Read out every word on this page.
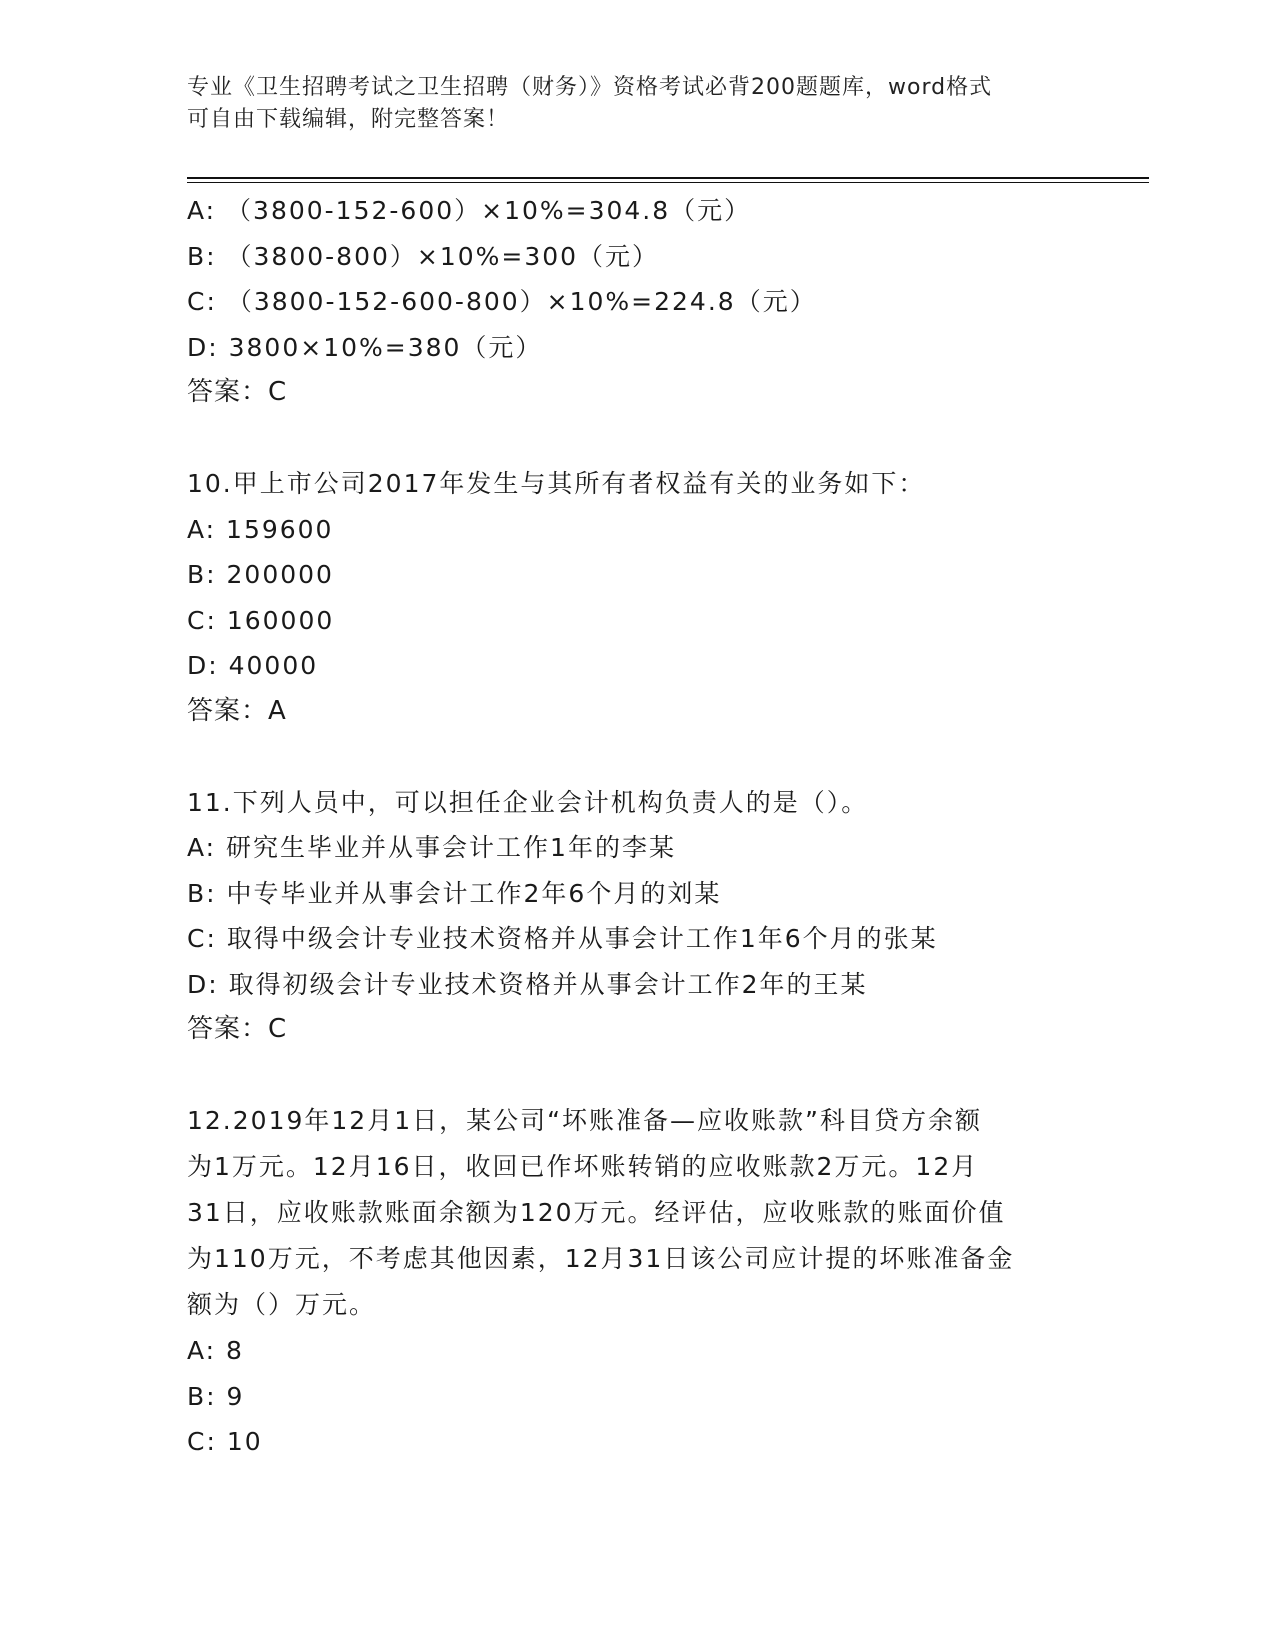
专业《卫生招聘考试之卫生招聘（财务）》资格考试必背200题题库，word格式
可自由下载编辑，附完整答案！
A: （3800-152-600）×10%=304.8（元）
B: （3800-800）×10%=300（元）
C: （3800-152-600-800）×10%=224.8（元）
D: 3800×10%=380（元）
答案：C
10.甲上市公司2017年发生与其所有者权益有关的业务如下：
A: 159600
B: 200000
C: 160000
D: 40000
答案：A
11.下列人员中，可以担任企业会计机构负责人的是（）。
A: 研究生毕业并从事会计工作1年的李某
B: 中专毕业并从事会计工作2年6个月的刘某
C: 取得中级会计专业技术资格并从事会计工作1年6个月的张某
D: 取得初级会计专业技术资格并从事会计工作2年的王某
答案：C
12.2019年12月1日，某公司“坏账准备—应收账款”科目贷方余额
为1万元。12月16日，收回已作坏账转销的应收账款2万元。12月
31日，应收账款账面余额为120万元。经评估，应收账款的账面价值
为110万元，不考虑其他因素，12月31日该公司应计提的坏账准备金
额为（）万元。
A: 8
B: 9
C: 10
